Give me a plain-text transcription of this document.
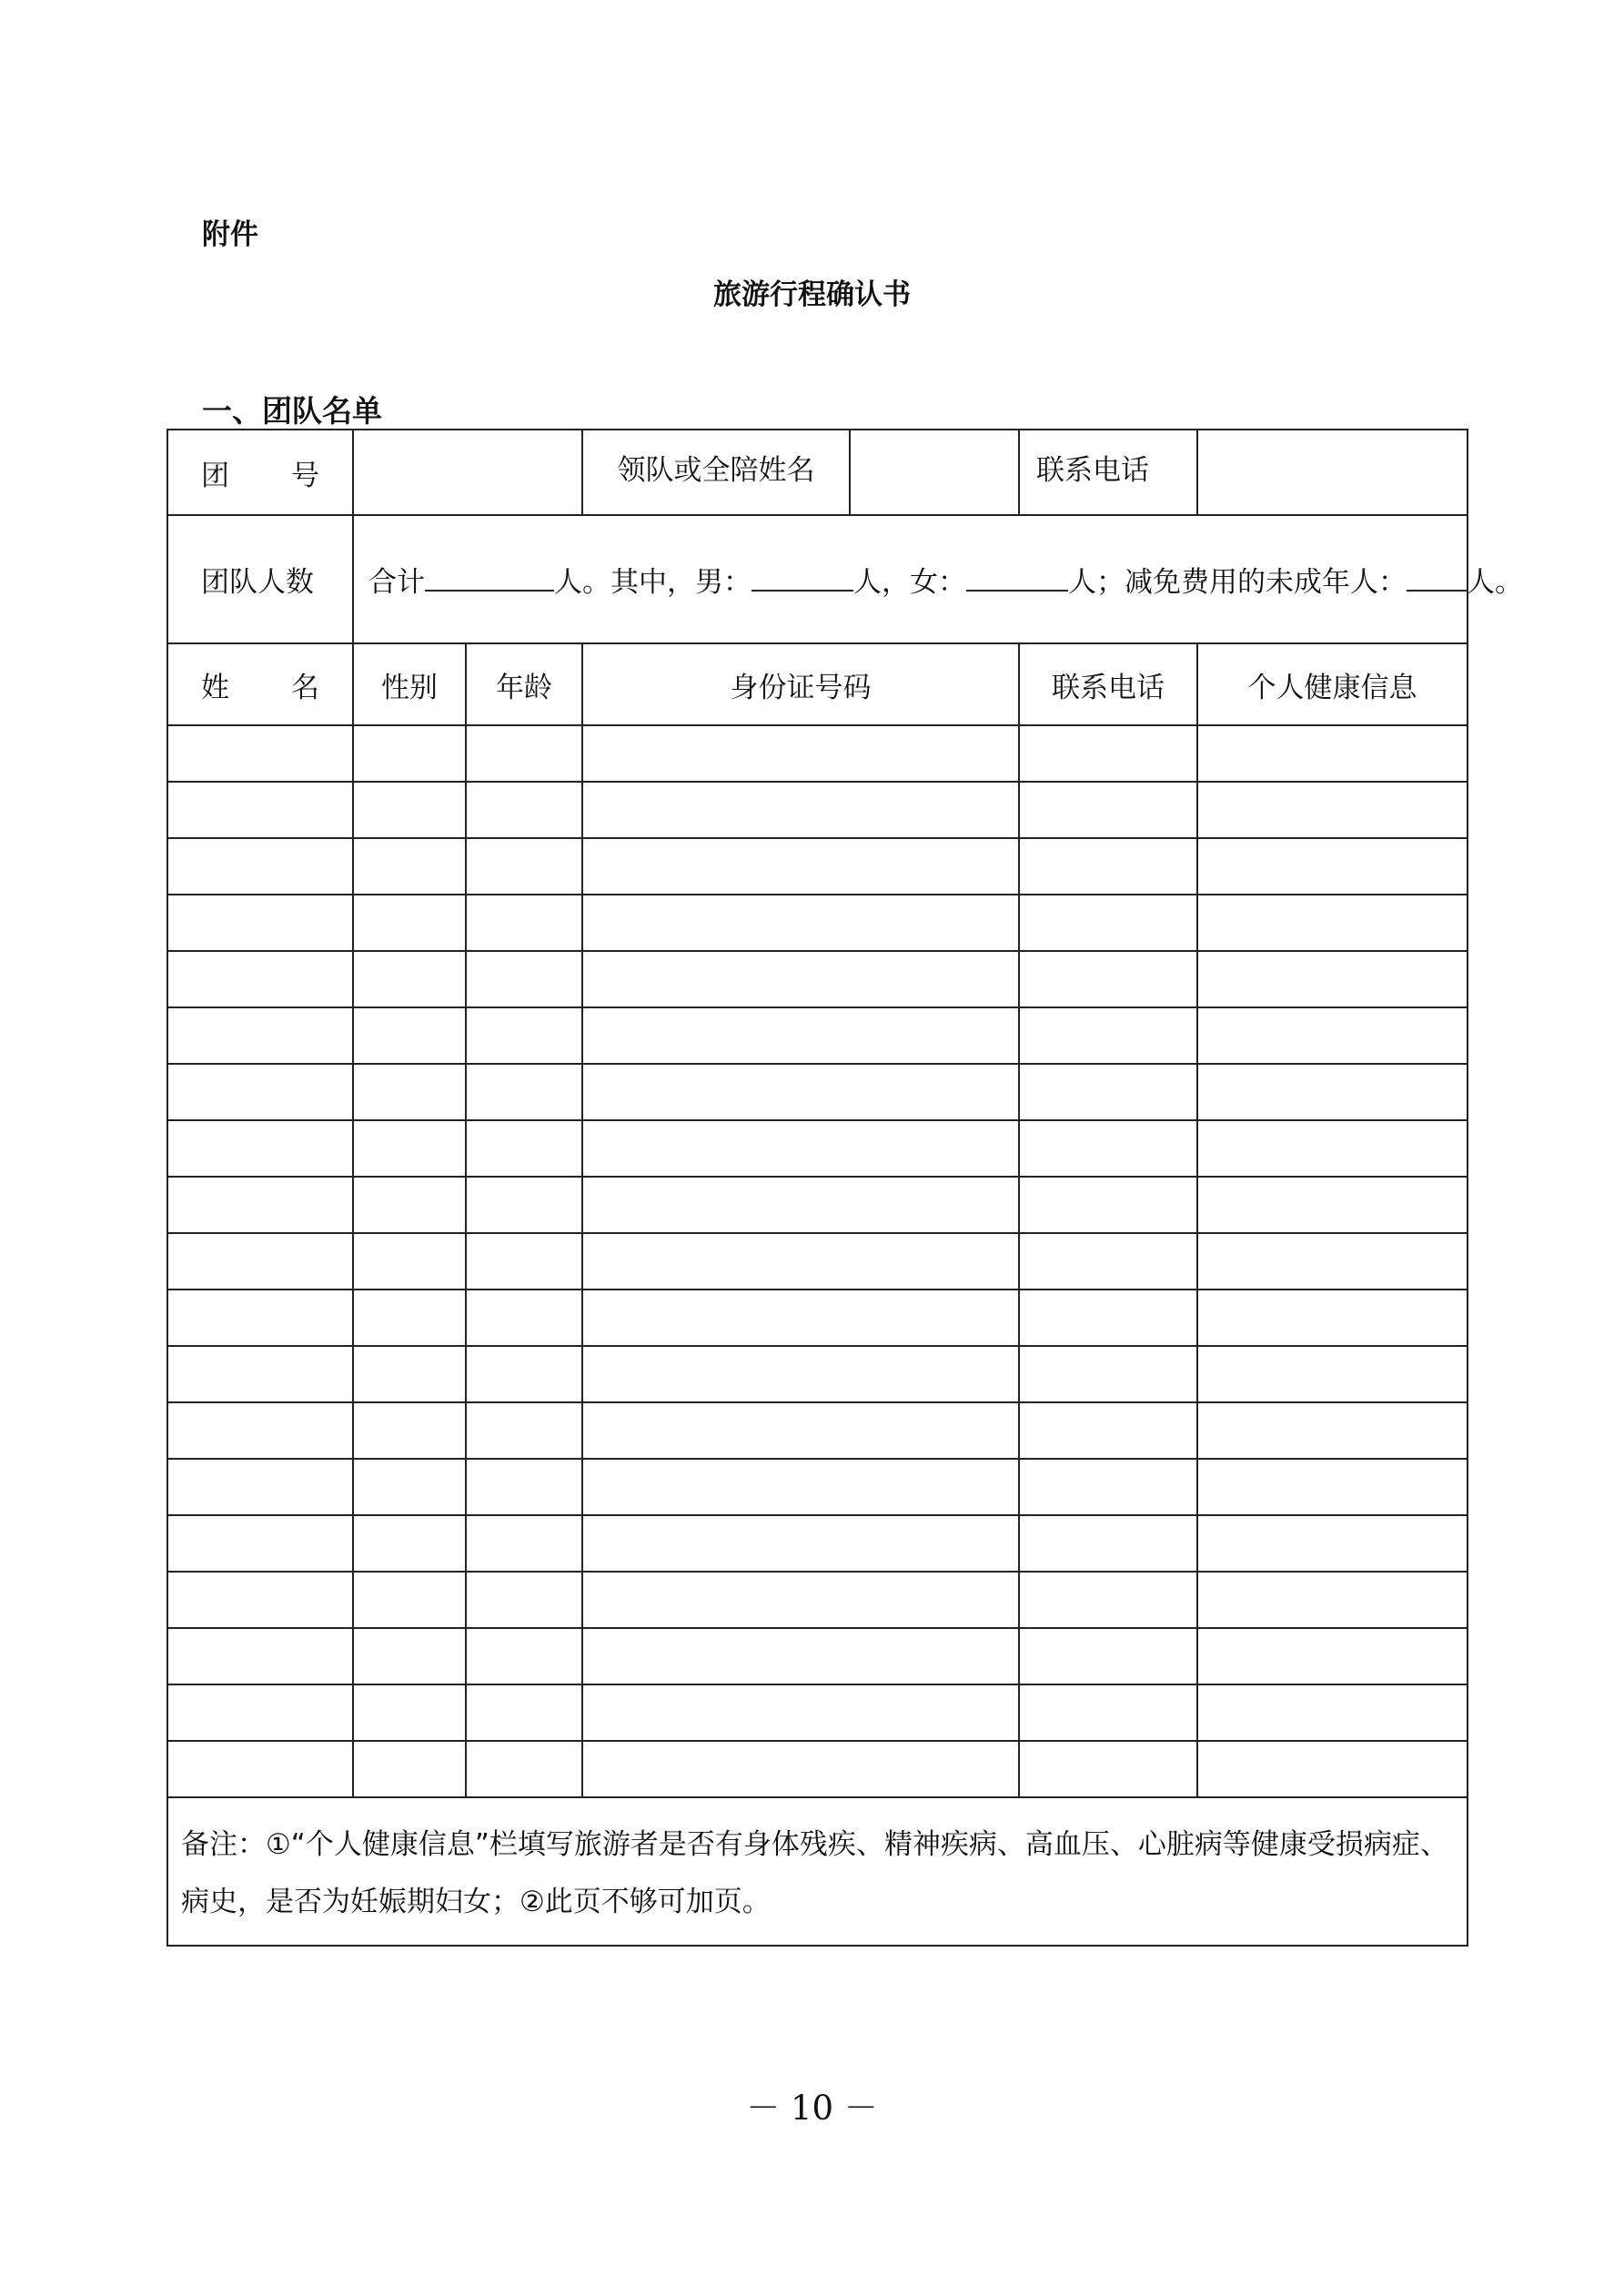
附件
旅游行程确认书
一、团队名单
团 号			领队或全陪姓名		联系电话	
团队人数	合计 人。其中，男： 人，女： 人；减免费用的未成年人： 人。					

姓 名	性别	年龄	身份证号码		联系电话	个人健康信息

备注：①“个人健康信息”栏填写旅游者是否有身体残疾、精神疾病、高血压、心脏病等健康受损病症、病史，是否为妊娠期妇女；②此页不够可加页。						
－ 10 －
